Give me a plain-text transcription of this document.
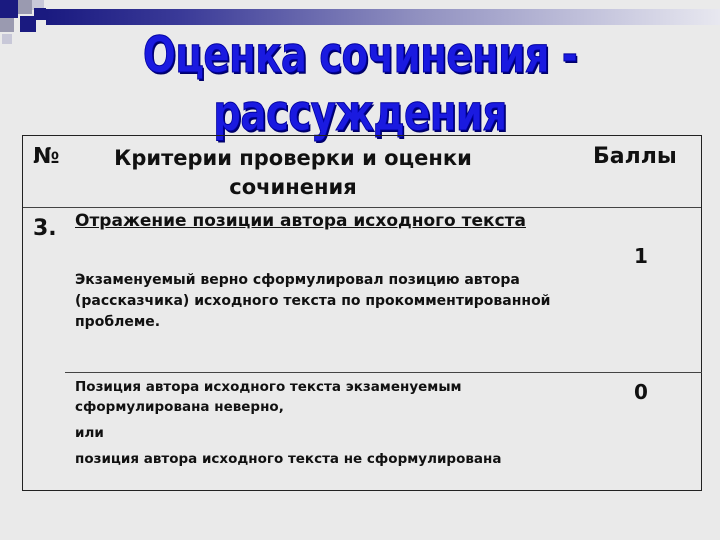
Оценка сочинения - рассуждения
№	Критерии проверки и оценки сочинения
Баллы
3. Отражение позиции автора исходного текста
Экзаменуемый верно сформулировал позицию автора (рассказчика) исходного текста по прокомментированной проблеме.
1
Позиция автора исходного текста экзаменуемым сформулирована неверно,
или
позиция автора исходного текста не сформулирована
0
